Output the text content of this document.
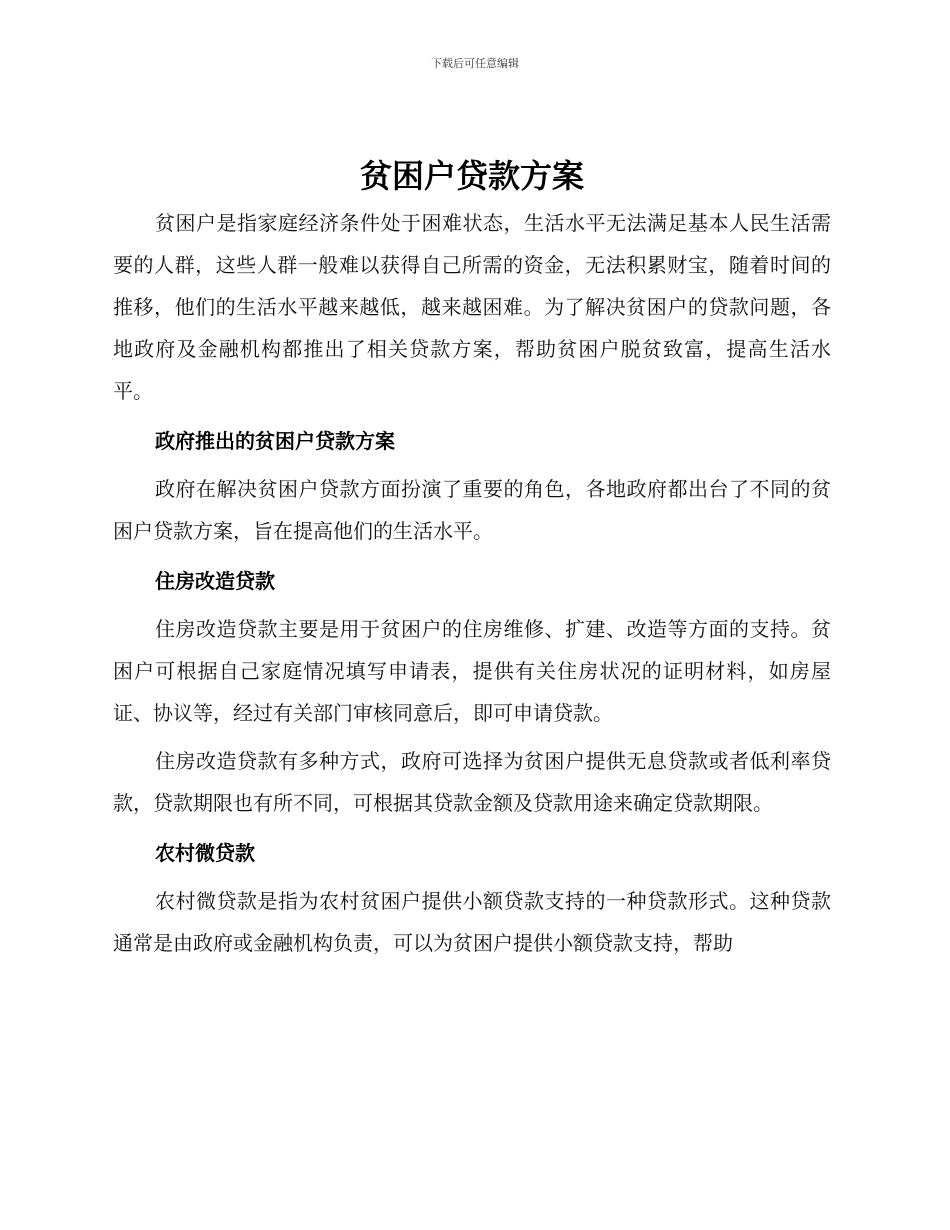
下载后可任意编辑
贫困户贷款方案

贫困户是指家庭经济条件处于困难状态，生活水平无法满足基本人民生活需要的人群，这些人群一般难以获得自己所需的资金，无法积累财宝，随着时间的推移，他们的生活水平越来越低，越来越困难。为了解决贫困户的贷款问题，各地政府及金融机构都推出了相关贷款方案，帮助贫困户脱贫致富，提高生活水平。

政府推出的贫困户贷款方案

政府在解决贫困户贷款方面扮演了重要的角色，各地政府都出台了不同的贫困户贷款方案，旨在提高他们的生活水平。

住房改造贷款

住房改造贷款主要是用于贫困户的住房维修、扩建、改造等方面的支持。贫困户可根据自己家庭情况填写申请表，提供有关住房状况的证明材料，如房屋证、协议等，经过有关部门审核同意后，即可申请贷款。

住房改造贷款有多种方式，政府可选择为贫困户提供无息贷款或者低利率贷款，贷款期限也有所不同，可根据其贷款金额及贷款用途来确定贷款期限。

农村微贷款

农村微贷款是指为农村贫困户提供小额贷款支持的一种贷款形式。这种贷款通常是由政府或金融机构负责，可以为贫困户提供小额贷款支持，帮助
